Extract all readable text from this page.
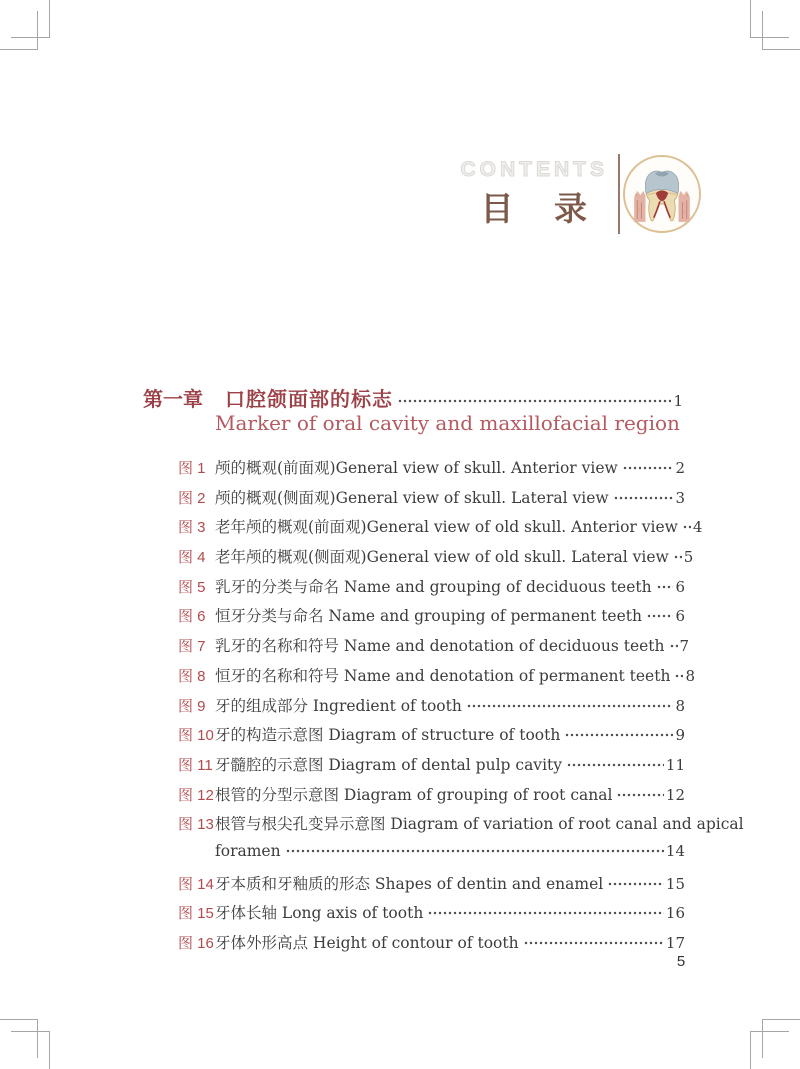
CONTENTS
目 录
第一章 口腔颌面部的标志	1
Marker of oral cavity and maxillofacial region
图 1 颅的概观(前面观)General view of skull. Anterior view	2
图 2 颅的概观(侧面观)General view of skull. Lateral view	3
图 3 老年颅的概观(前面观)General view of old skull. Anterior view 4
图 4 老年颅的概观(侧面观)General view of old skull. Lateral view 5
图 5 乳牙的分类与命名 Name and grouping of deciduous teeth 6
图 6 恒牙分类与命名 Name and grouping of permanent teeth 6
图 7 乳牙的名称和符号 Name and denotation of deciduous teeth 7
图 8 恒牙的名称和符号 Name and denotation of permanent teeth 8
图 9 牙的组成部分 Ingredient of tooth	8
图 10 牙的构造示意图 Diagram of structure of tooth	9
图 11 牙髓腔的示意图 Diagram of dental pulp cavity	11
图 12 根管的分型示意图 Diagram of grouping of root canal	12
图 13 根管与根尖孔变异示意图 Diagram of variation of root canal and apical
foramen	14
图 14 牙本质和牙釉质的形态 Shapes of dentin and enamel	15
图 15 牙体长轴 Long axis of tooth	16
图 16 牙体外形高点 Height of contour of tooth	17
5
